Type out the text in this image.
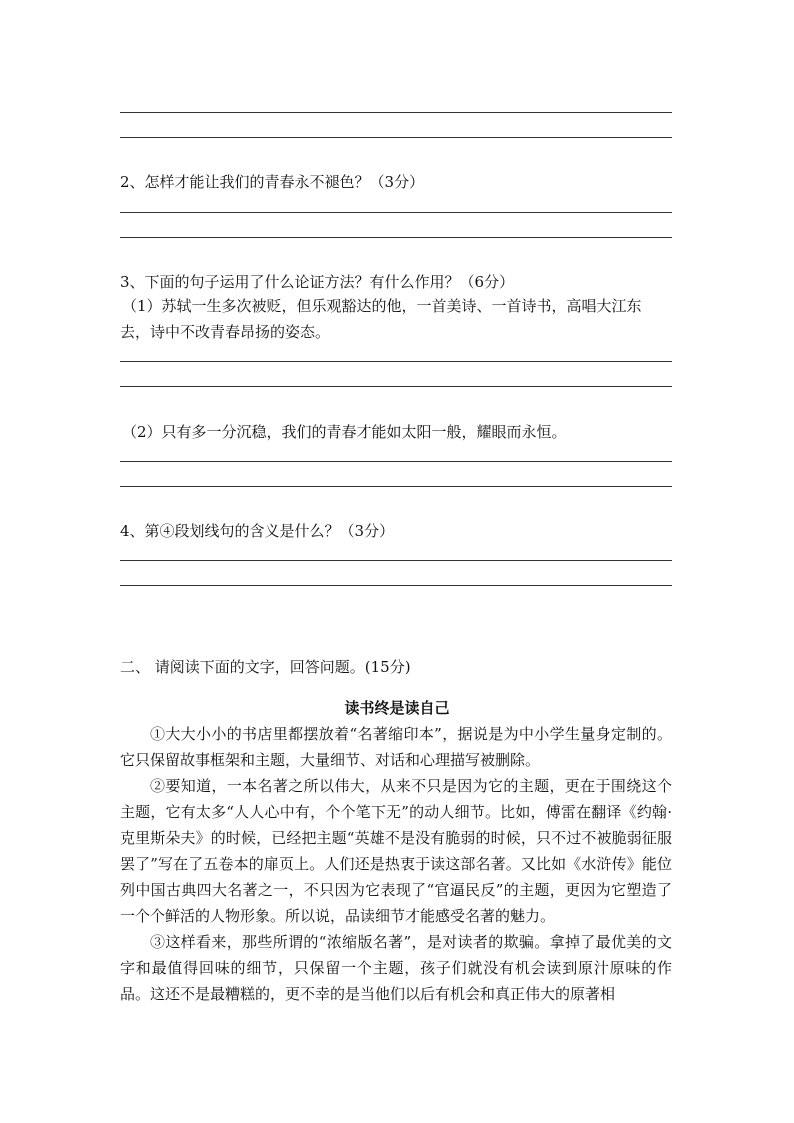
2、怎样才能让我们的青春永不褪色？（3分）
3、下面的句子运用了什么论证方法？有什么作用？（6分）
（1）苏轼一生多次被贬，但乐观豁达的他，一首美诗、一首诗书，高唱大江东
去，诗中不改青春昂扬的姿态。
（2）只有多一分沉稳，我们的青春才能如太阳一般，耀眼而永恒。
4、第④段划线句的含义是什么？（3分）
二、 请阅读下面的文字，回答问题。(15分)
读书终是读自己

①大大小小的书店里都摆放着“名著缩印本”，据说是为中小学生量身定制的。它只保留故事框架和主题，大量细节、对话和心理描写被删除。

②要知道，一本名著之所以伟大，从来不只是因为它的主题，更在于围绕这个主题，它有太多“人人心中有，个个笔下无”的动人细节。比如，傅雷在翻译《约翰·克里斯朵夫》的时候，已经把主题“英雄不是没有脆弱的时候，只不过不被脆弱征服罢了”写在了五卷本的扉页上。人们还是热衷于读这部名著。又比如《水浒传》能位列中国古典四大名著之一，不只因为它表现了“官逼民反”的主题，更因为它塑造了一个个鲜活的人物形象。所以说，品读细节才能感受名著的魅力。

③这样看来，那些所谓的“浓缩版名著”，是对读者的欺骗。拿掉了最优美的文字和最值得回味的细节，只保留一个主题，孩子们就没有机会读到原汁原味的作品。这还不是最糟糕的，更不幸的是当他们以后有机会和真正伟大的原著相
